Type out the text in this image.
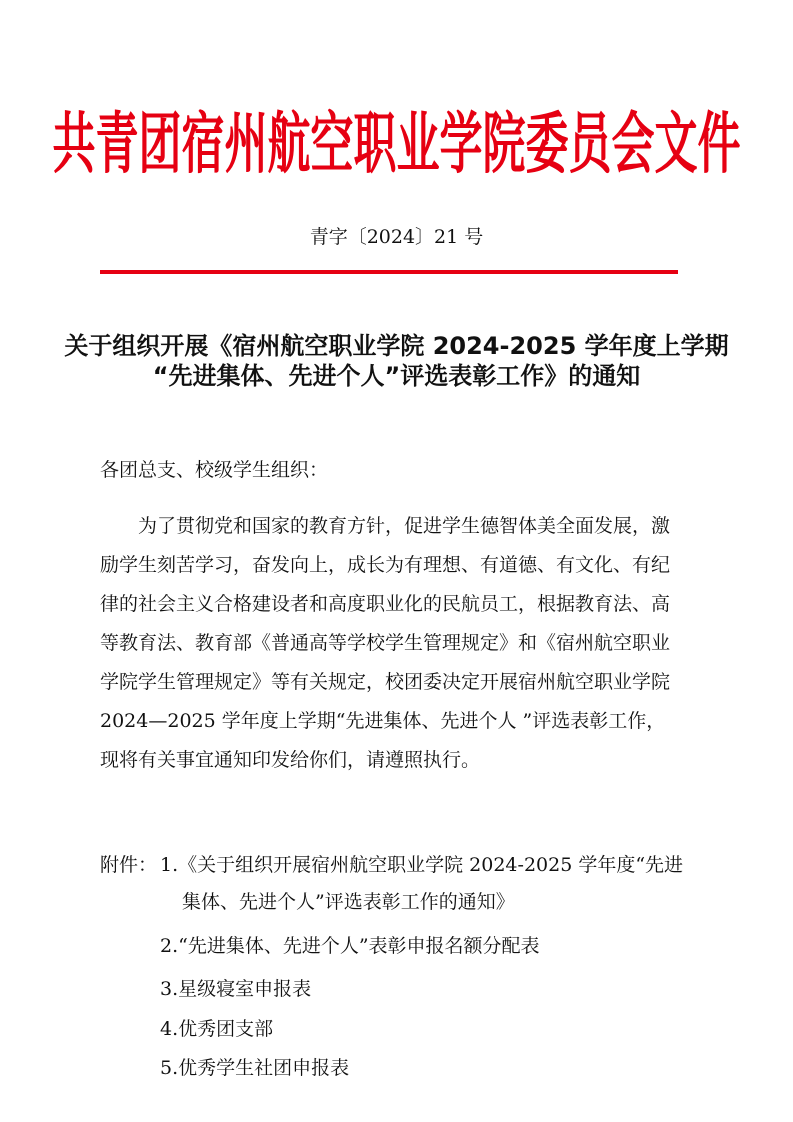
共青团宿州航空职业学院委员会文件
青字〔2024〕21 号
关于组织开展《宿州航空职业学院 2024-2025 学年度上学期
“先进集体、先进个人”评选表彰工作》的通知
各团总支、校级学生组织：
为了贯彻党和国家的教育方针，促进学生德智体美全面发展，激
励学生刻苦学习，奋发向上，成长为有理想、有道德、有文化、有纪
律的社会主义合格建设者和高度职业化的民航员工，根据教育法、高
等教育法、教育部《普通高等学校学生管理规定》和《宿州航空职业
学院学生管理规定》等有关规定，校团委决定开展宿州航空职业学院
2024—2025 学年度上学期“先进集体、先进个人 ”评选表彰工作，
现将有关事宜通知印发给你们，请遵照执行。
附件： 1.《关于组织开展宿州航空职业学院 2024-2025 学年度“先进
集体、先进个人”评选表彰工作的通知》
2.“先进集体、先进个人”表彰申报名额分配表
3.星级寝室申报表
4.优秀团支部
5.优秀学生社团申报表
